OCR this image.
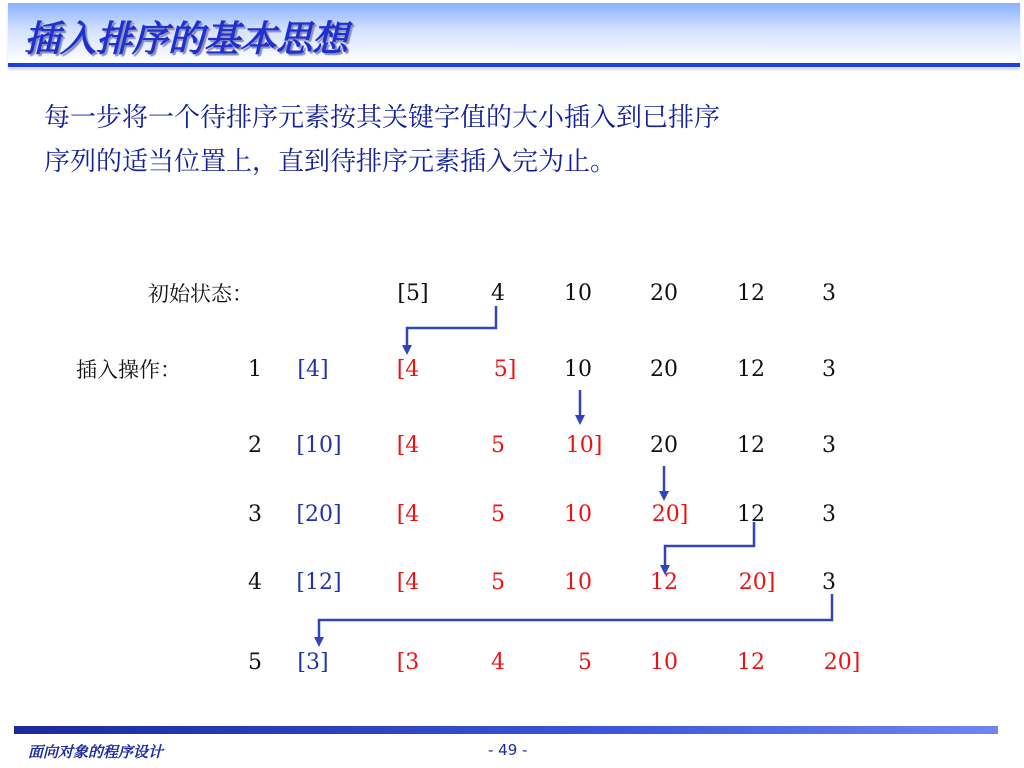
插入排序的基本思想
每一步将一个待排序元素按其关键字值的大小插入到已排序
序列的适当位置上，直到待排序元素插入完为止。
初始状态：	[5]	4	10	20	12	3
插入操作：	1 [4]	[4	5] 10	20	12	3
2 [10]	[4	5	10] 20	12	3
3 [20]	[4	5	10	20] 12	3
4 [12]	[4	5	10	12	20] 3
5 [3]	[3	4	5	10	12	20]
面向对象的程序设计	- 49 -
